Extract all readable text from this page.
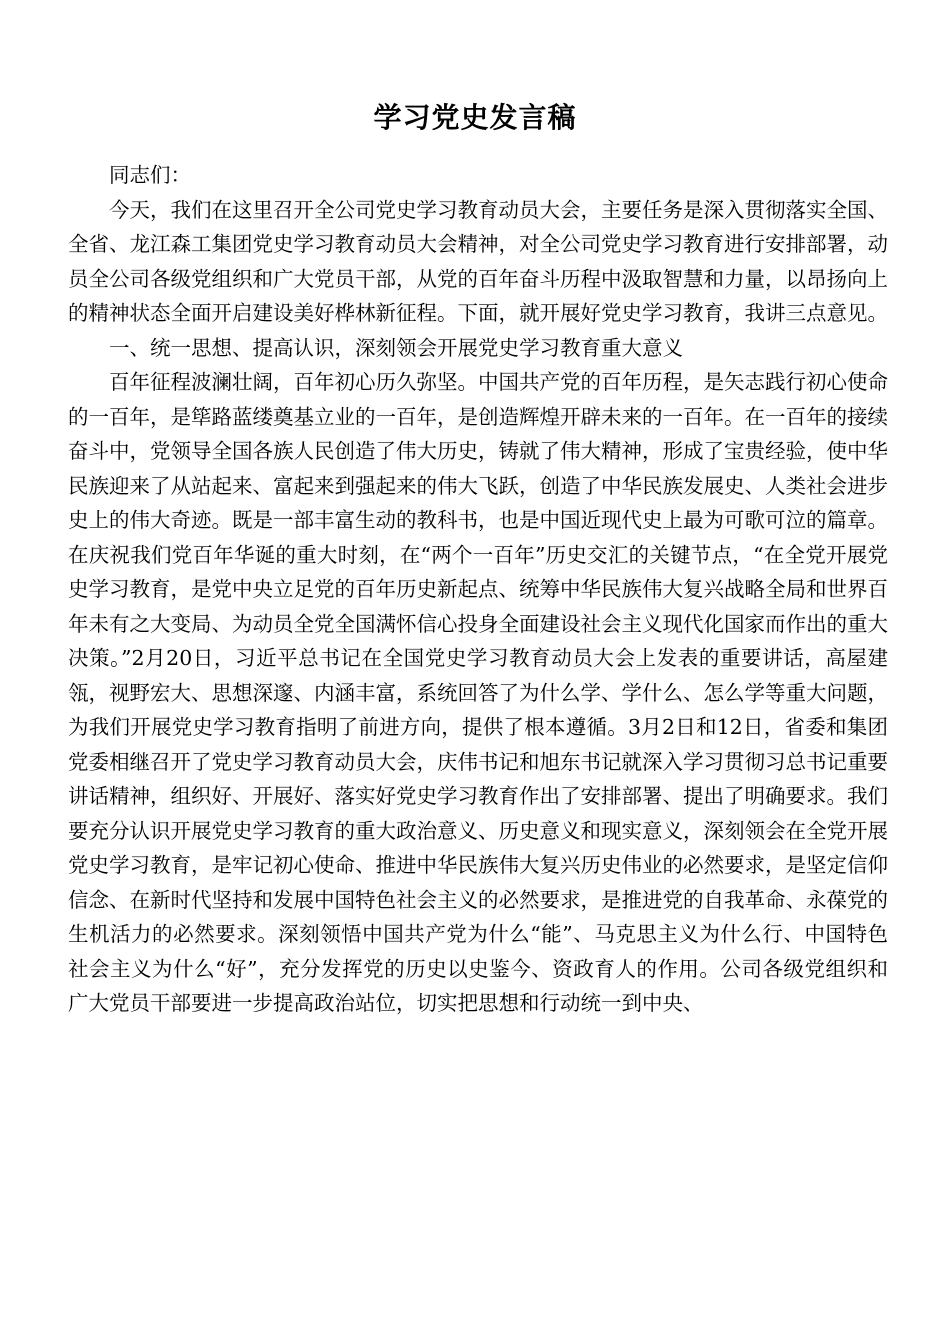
学习党史发言稿

同志们：

今天，我们在这里召开全公司党史学习教育动员大会，主要任务是深入贯彻落实全国、全省、龙江森工集团党史学习教育动员大会精神，对全公司党史学习教育进行安排部署，动员全公司各级党组织和广大党员干部，从党的百年奋斗历程中汲取智慧和力量，以昂扬向上的精神状态全面开启建设美好桦林新征程。下面，就开展好党史学习教育，我讲三点意见。

一、统一思想、提高认识，深刻领会开展党史学习教育重大意义

百年征程波澜壮阔，百年初心历久弥坚。中国共产党的百年历程，是矢志践行初心使命的一百年，是筚路蓝缕奠基立业的一百年，是创造辉煌开辟未来的一百年。在一百年的接续奋斗中，党领导全国各族人民创造了伟大历史，铸就了伟大精神，形成了宝贵经验，使中华民族迎来了从站起来、富起来到强起来的伟大飞跃，创造了中华民族发展史、人类社会进步史上的伟大奇迹。既是一部丰富生动的教科书，也是中国近现代史上最为可歌可泣的篇章。在庆祝我们党百年华诞的重大时刻，在“两个一百年”历史交汇的关键节点，“在全党开展党史学习教育，是党中央立足党的百年历史新起点、统筹中华民族伟大复兴战略全局和世界百年未有之大变局、为动员全党全国满怀信心投身全面建设社会主义现代化国家而作出的重大决策。”2月20日，习近平总书记在全国党史学习教育动员大会上发表的重要讲话，高屋建瓴，视野宏大、思想深邃、内涵丰富，系统回答了为什么学、学什么、怎么学等重大问题，为我们开展党史学习教育指明了前进方向，提供了根本遵循。3月2日和12日，省委和集团党委相继召开了党史学习教育动员大会，庆伟书记和旭东书记就深入学习贯彻习总书记重要讲话精神，组织好、开展好、落实好党史学习教育作出了安排部署、提出了明确要求。我们要充分认识开展党史学习教育的重大政治意义、历史意义和现实意义，深刻领会在全党开展党史学习教育，是牢记初心使命、推进中华民族伟大复兴历史伟业的必然要求，是坚定信仰信念、在新时代坚持和发展中国特色社会主义的必然要求，是推进党的自我革命、永葆党的生机活力的必然要求。深刻领悟中国共产党为什么“能”、马克思主义为什么行、中国特色社会主义为什么“好”，充分发挥党的历史以史鉴今、资政育人的作用。公司各级党组织和广大党员干部要进一步提高政治站位，切实把思想和行动统一到中央、
